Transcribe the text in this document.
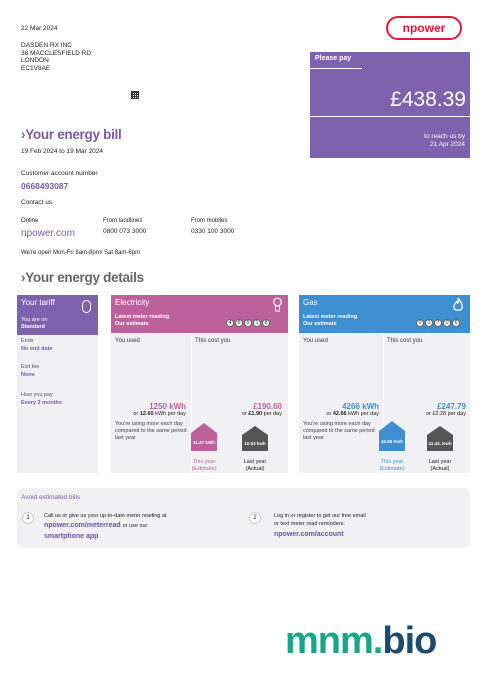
22 Mar 2024
DASDEN RX INC
38 MACCLESFIELD RD
LONDON
EC1V8AE
npower
Please pay
£438.39
to reach us by
21 Apr 2024
›Your energy bill
19 Feb 2024 to 19 Mar 2024
Customer account number
0668493087
Contact us
Online
npower.com
From landlines
0800 073 3000
From mobiles
0330 100 3000
We're open Mon-Fri 8am-8pm/ Sat 8am-6pm
›Your energy details
Your tariff
You are on
Standard
Ends
No end date
Exit fee
None
How you pay
Every 3 months
Electricity
Latest meter reading
Our estimate	4	6	5	1	8
You used	This cost you
1250 kWh
or 12.60 kWh per day
£190.60
or £1.90 per day
You're using more each day compared to the same period last year
11.47 kWh
This year
(Estimate)
10.53 kwh
Last year
(Actual)
Gas
Latest meter reading
Our estimate	0	1	7	0	6
You used	This cost you
4266 kWh
or 42.66 kWh per day
£247.79
or £2.28 per day
You're using more each day compared to the same period last year	42.66 Kwh
This year
(Estimate)
41.43. Kwh
Last year
(Actual)
Avoid estimated bills
1	Call us or give us your up-to-date meter reading at
npower.com/meterread or use our
smartphone app
2	Log in or register to get our free email
or text meter read reminders.
npower.com/account
mnm.bio
